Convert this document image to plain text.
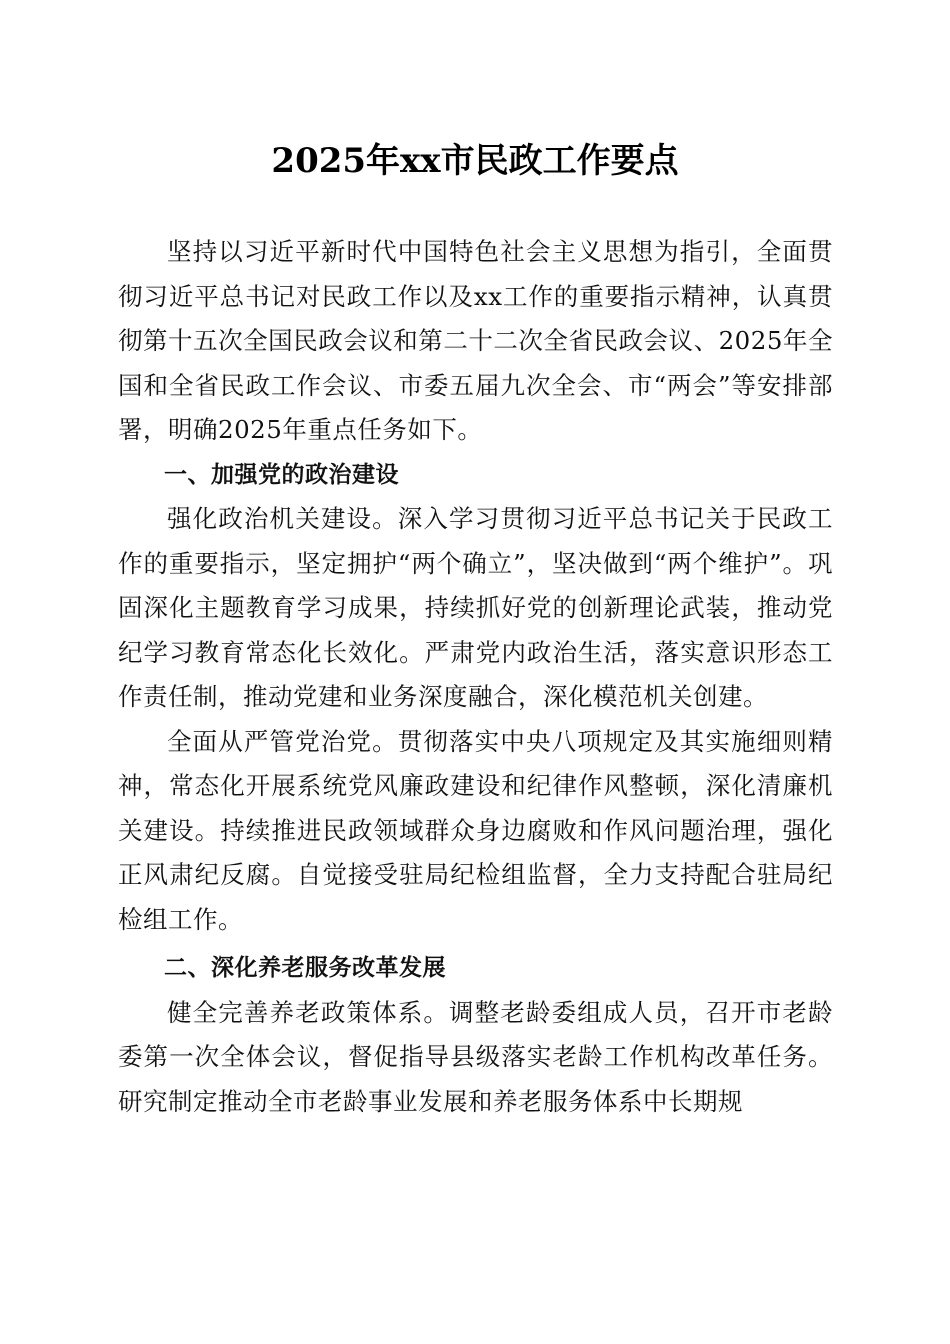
2025年xx市民政工作要点

坚持以习近平新时代中国特色社会主义思想为指引，全面贯彻习近平总书记对民政工作以及xx工作的重要指示精神，认真贯彻第十五次全国民政会议和第二十二次全省民政会议、2025年全国和全省民政工作会议、市委五届九次全会、市“两会”等安排部署，明确2025年重点任务如下。

一、加强党的政治建设

强化政治机关建设。深入学习贯彻习近平总书记关于民政工作的重要指示，坚定拥护“两个确立”，坚决做到“两个维护”。巩固深化主题教育学习成果，持续抓好党的创新理论武装，推动党纪学习教育常态化长效化。严肃党内政治生活，落实意识形态工作责任制，推动党建和业务深度融合，深化模范机关创建。

全面从严管党治党。贯彻落实中央八项规定及其实施细则精神，常态化开展系统党风廉政建设和纪律作风整顿，深化清廉机关建设。持续推进民政领域群众身边腐败和作风问题治理，强化正风肃纪反腐。自觉接受驻局纪检组监督，全力支持配合驻局纪检组工作。

二、深化养老服务改革发展

健全完善养老政策体系。调整老龄委组成人员，召开市老龄委第一次全体会议，督促指导县级落实老龄工作机构改革任务。研究制定推动全市老龄事业发展和养老服务体系中长期规
